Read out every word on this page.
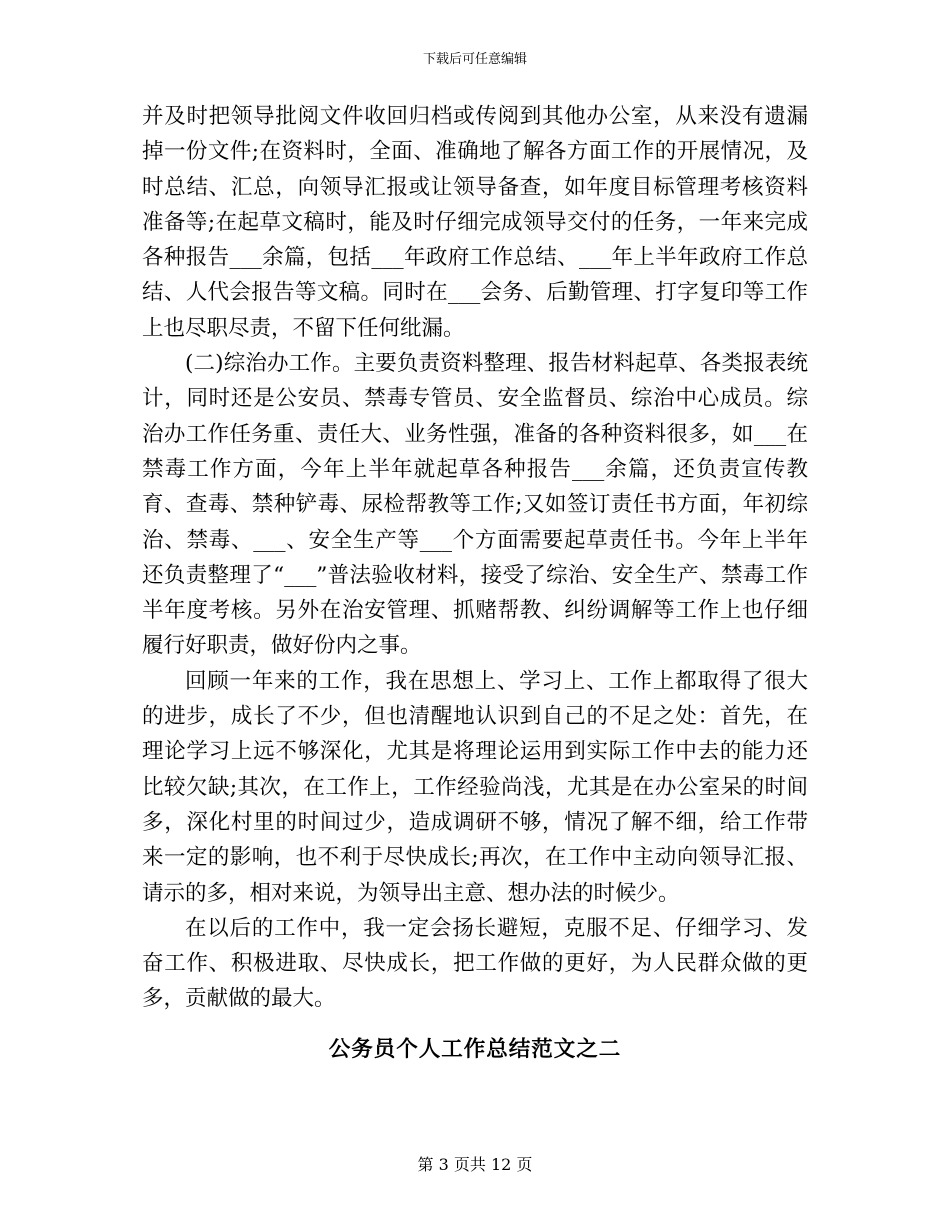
下载后可任意编辑

并及时把领导批阅文件收回归档或传阅到其他办公室，从来没有遗漏掉一份文件;在资料时，全面、准确地了解各方面工作的开展情况，及时总结、汇总，向领导汇报或让领导备查，如年度目标管理考核资料准备等;在起草文稿时，能及时仔细完成领导交付的任务，一年来完成各种报告___余篇，包括___年政府工作总结、___年上半年政府工作总结、人代会报告等文稿。同时在___会务、后勤管理、打字复印等工作上也尽职尽责，不留下任何纰漏。

(二)综治办工作。主要负责资料整理、报告材料起草、各类报表统计，同时还是公安员、禁毒专管员、安全监督员、综治中心成员。综治办工作任务重、责任大、业务性强，准备的各种资料很多，如___在禁毒工作方面，今年上半年就起草各种报告___余篇，还负责宣传教育、查毒、禁种铲毒、尿检帮教等工作;又如签订责任书方面，年初综治、禁毒、___、安全生产等___个方面需要起草责任书。今年上半年还负责整理了“___”普法验收材料，接受了综治、安全生产、禁毒工作半年度考核。另外在治安管理、抓赌帮教、纠纷调解等工作上也仔细履行好职责，做好份内之事。

回顾一年来的工作，我在思想上、学习上、工作上都取得了很大的进步，成长了不少，但也清醒地认识到自己的不足之处：首先，在理论学习上远不够深化，尤其是将理论运用到实际工作中去的能力还比较欠缺;其次，在工作上，工作经验尚浅，尤其是在办公室呆的时间多，深化村里的时间过少，造成调研不够，情况了解不细，给工作带来一定的影响，也不利于尽快成长;再次，在工作中主动向领导汇报、请示的多，相对来说，为领导出主意、想办法的时候少。

在以后的工作中，我一定会扬长避短，克服不足、仔细学习、发奋工作、积极进取、尽快成长，把工作做的更好，为人民群众做的更多，贡献做的最大。

公务员个人工作总结范文之二
第 3 页共 12 页
